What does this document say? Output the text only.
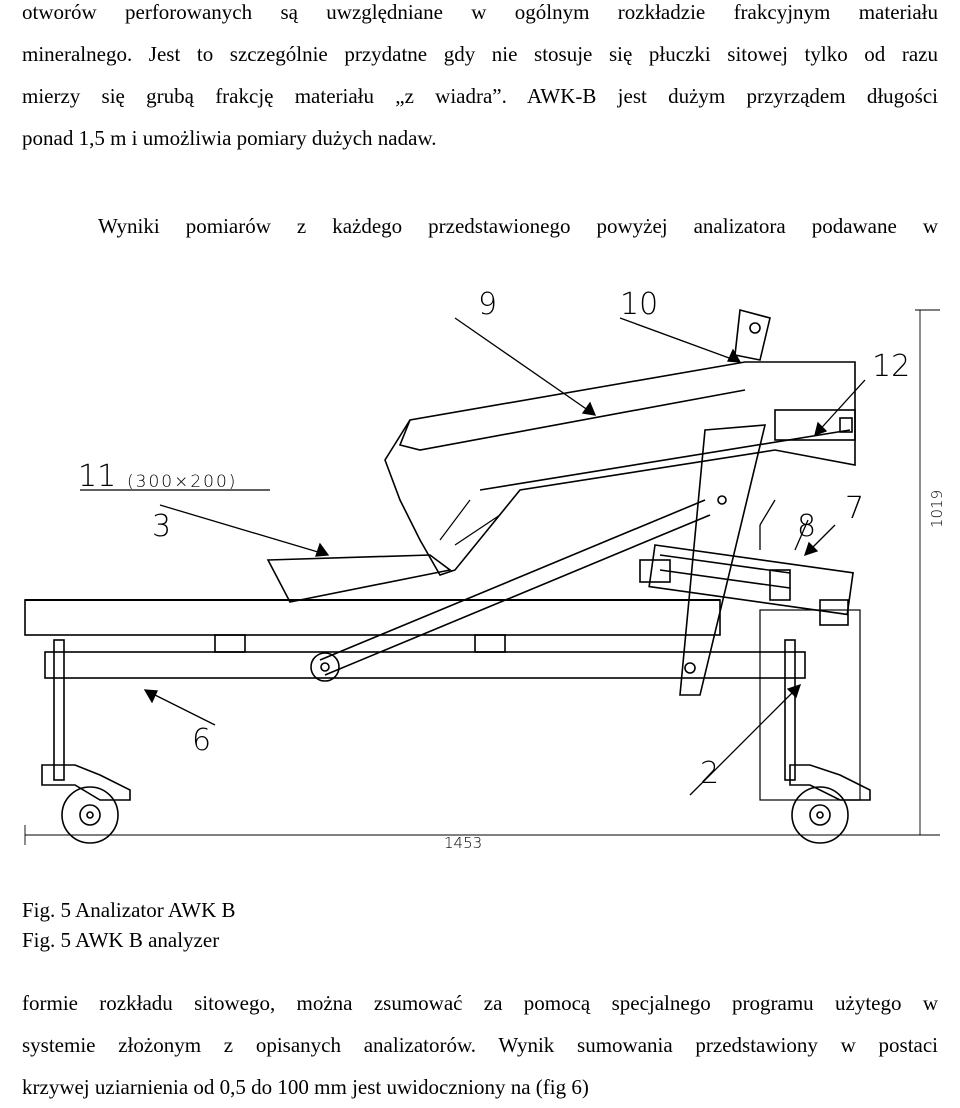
otworów perforowanych są uwzględniane w ogólnym rozkładzie frakcyjnym materiału
mineralnego. Jest to szczególnie przydatne gdy nie stosuje się płuczki sitowej tylko od razu
mierzy się grubą frakcję materiału „z wiadra”. AWK-B jest dużym przyrządem długości
ponad 1,5 m i umożliwia pomiary dużych nadaw.
Wyniki pomiarów z każdego przedstawionego powyżej analizatora podawane w
9	10
12
11 (300×200)
3	8
7
6
2
1019
1453
Fig. 5 Analizator AWK B
Fig. 5 AWK B analyzer
formie rozkładu sitowego, można zsumować za pomocą specjalnego programu użytego w
systemie złożonym z opisanych analizatorów. Wynik sumowania przedstawiony w postaci
krzywej uziarnienia od 0,5 do 100 mm jest uwidoczniony na (fig 6)
